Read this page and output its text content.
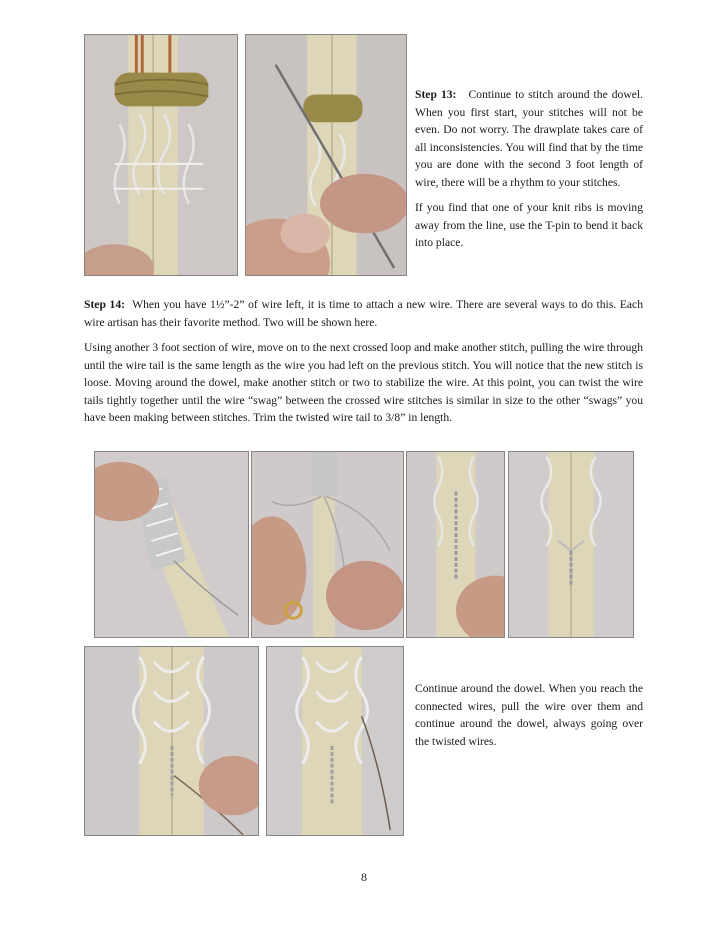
Step 13: Continue to stitch around the dowel. When you first start, your stitches will not be even. Do not worry. The drawplate takes care of all inconsistencies. You will find that by the time you are done with the second 3 foot length of wire, there will be a rhythm to your stitches.

If you find that one of your knit ribs is moving away from the line, use the T-pin to bend it back into place.

Step 14: When you have 1½”-2” of wire left, it is time to attach a new wire. There are several ways to do this. Each wire artisan has their favorite method. Two will be shown here.

Using another 3 foot section of wire, move on to the next crossed loop and make another stitch, pulling the wire through until the wire tail is the same length as the wire you had left on the previous stitch. You will notice that the new stitch is loose. Moving around the dowel, make another stitch or two to stabilize the wire. At this point, you can twist the wire tails tightly together until the wire “swag” between the crossed wire stitches is similar in size to the other “swags” you have been making between stitches. Trim the twisted wire tail to 3/8” in length.

Continue around the dowel. When you reach the connected wires, pull the wire over them and continue around the dowel, always going over the twisted wires.

8
